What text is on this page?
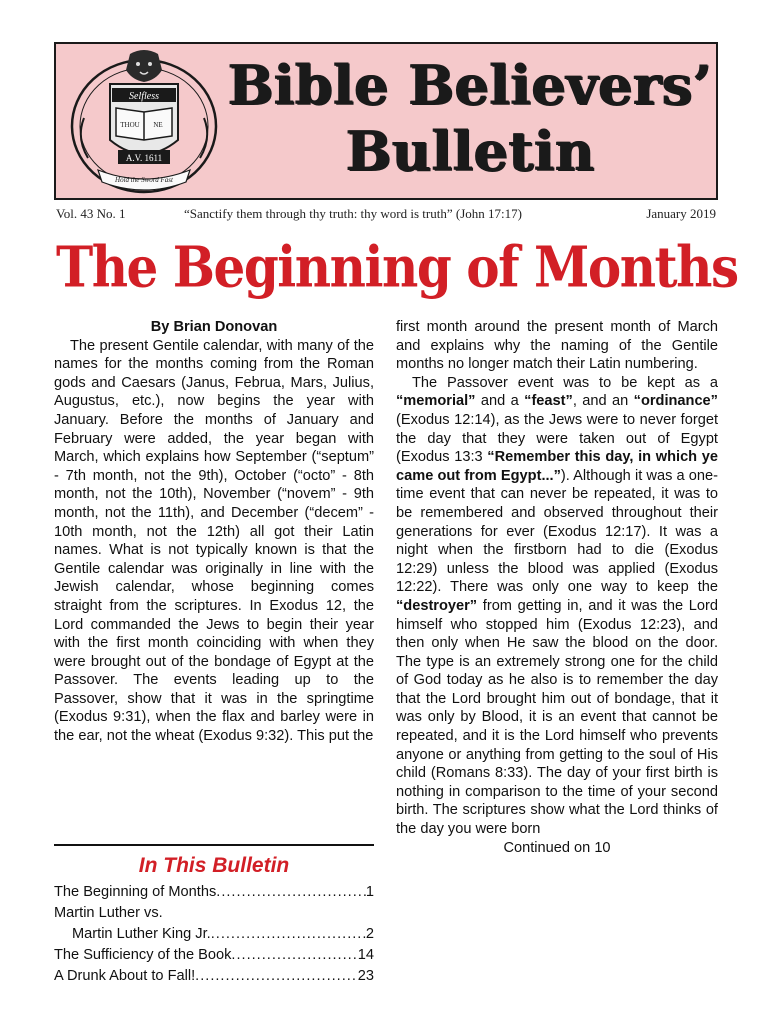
Selfless
THOU NE
A.V. 1611
Hold the Sword Fast
Bible Believers’
Bulletin
Vol. 43 No. 1	“Sanctify them through thy truth: thy word is truth” (John 17:17)	January 2019
The Beginning of Months
By Brian Donovan

The present Gentile calendar, with many of the names for the months coming from the Roman gods and Caesars (Janus, Februa, Mars, Julius, Augustus, etc.), now begins the year with January. Before the months of January and February were added, the year began with March, which explains how September (“septum” - 7th month, not the 9th), October (“octo” - 8th month, not the 10th), November (“novem” - 9th month, not the 11th), and December (“decem” - 10th month, not the 12th) all got their Latin names. What is not typically known is that the Gentile calendar was originally in line with the Jewish calendar, whose beginning comes straight from the scriptures. In Exodus 12, the Lord commanded the Jews to begin their year with the first month coinciding with when they were brought out of the bondage of Egypt at the Passover. The events leading up to the Passover, show that it was in the springtime (Exodus 9:31), when the flax and barley were in the ear, not the wheat (Exodus 9:32). This put the

In This Bulletin
The Beginning of Months .....	1
Martin Luther vs.
Martin Luther King Jr. .....	2
The Sufficiency of the Book .....	14
A Drunk About to Fall! .....	23

first month around the present month of March and explains why the naming of the Gentile months no longer match their Latin numbering.

The Passover event was to be kept as a “memorial” and a “feast”, and an “ordinance” (Exodus 12:14), as the Jews were to never forget the day that they were taken out of Egypt (Exodus 13:3 “Remember this day, in which ye came out from Egypt...”). Although it was a one-time event that can never be repeated, it was to be remembered and observed throughout their generations for ever (Exodus 12:17). It was a night when the firstborn had to die (Exodus 12:29) unless the blood was applied (Exodus 12:22). There was only one way to keep the “destroyer” from getting in, and it was the Lord himself who stopped him (Exodus 12:23), and then only when He saw the blood on the door. The type is an extremely strong one for the child of God today as he also is to remember the day that the Lord brought him out of bondage, that it was only by Blood, it is an event that cannot be repeated, and it is the Lord himself who prevents anyone or anything from getting to the soul of His child (Romans 8:33). The day of your first birth is nothing in comparison to the time of your second birth. The scriptures show what the Lord thinks of the day you were born

Continued on 10
